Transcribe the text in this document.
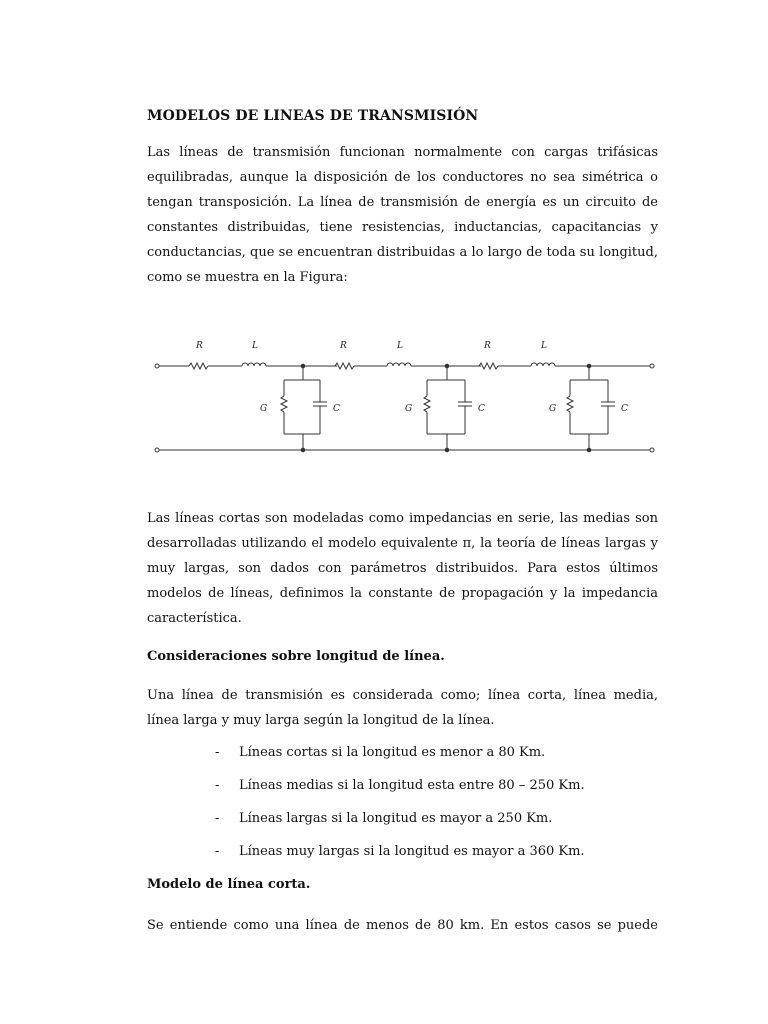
MODELOS DE LINEAS DE TRANSMISIÓN

Las líneas de transmisión funcionan normalmente con cargas trifásicas equilibradas, aunque la disposición de los conductores no sea simétrica o tengan transposición. La línea de transmisión de energía es un circuito de constantes distribuidas, tiene resistencias, inductancias, capacitancias y conductancias, que se encuentran distribuidas a lo largo de toda su longitud, como se muestra en la Figura:

R	L
G	C
R	L
G	C
R	L
G	C

Las líneas cortas son modeladas como impedancias en serie, las medias son desarrolladas utilizando el modelo equivalente π, la teoría de líneas largas y muy largas, son dados con parámetros distribuidos. Para estos últimos modelos de líneas, definimos la constante de propagación y la impedancia característica.

Consideraciones sobre longitud de línea.

Una línea de transmisión es considerada como; línea corta, línea media, línea larga y muy larga según la longitud de la línea.

- Líneas cortas si la longitud es menor a 80 Km.
- Líneas medias si la longitud esta entre 80 – 250 Km.
- Líneas largas si la longitud es mayor a 250 Km.
- Líneas muy largas si la longitud es mayor a 360 Km.
Modelo de línea corta.

Se entiende como una línea de menos de 80 km. En estos casos se puede
